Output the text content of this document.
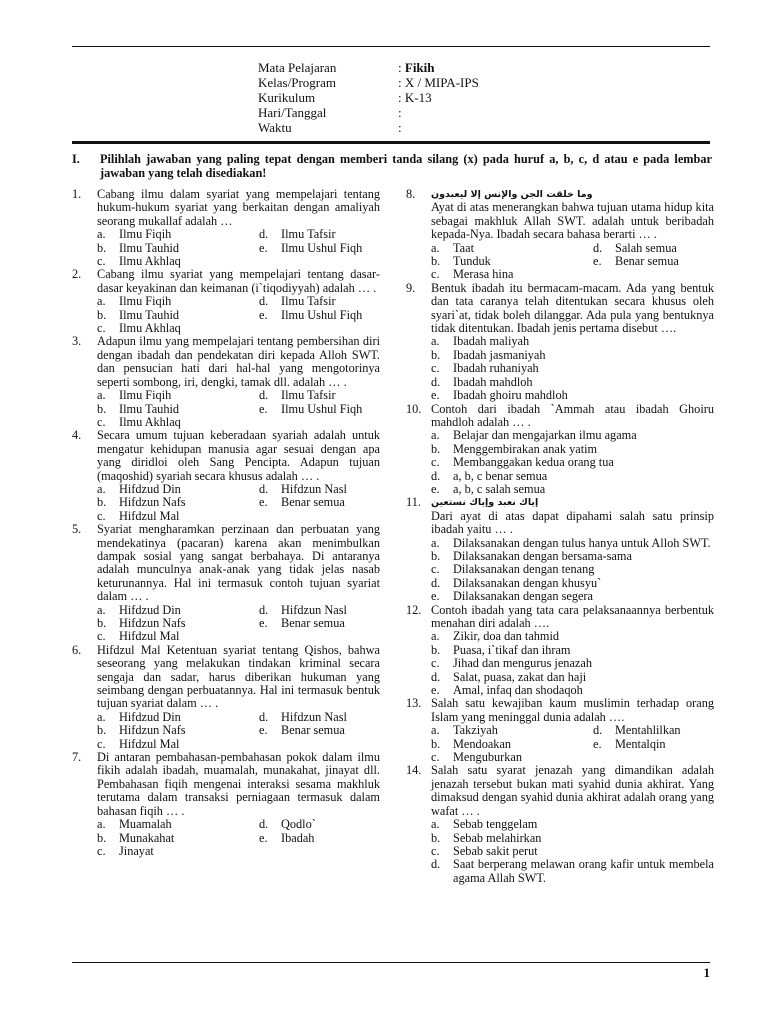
Mata Pelajaran	: Fikih
Kelas/Program	: X / MIPA-IPS
Kurikulum	: K-13
Hari/Tanggal	:
Waktu	:
I.	Pilihlah jawaban yang paling tepat dengan memberi tanda silang (x) pada huruf a, b, c, d atau e pada lembar jawaban yang telah disediakan!
1.	Cabang ilmu dalam syariat yang mempelajari tentang hukum-hukum syariat yang berkaitan dengan amaliyah seorang mukallaf adalah …
a.	Ilmu Fiqih	d.	Ilmu Tafsir
b.	Ilmu Tauhid	e.	Ilmu Ushul Fiqh
c.	Ilmu Akhlaq
2.	Cabang ilmu syariat yang mempelajari tentang dasar-dasar keyakinan dan keimanan (i`tiqodiyyah) adalah … .
a.	Ilmu Fiqih	d.	Ilmu Tafsir
b.	Ilmu Tauhid	e.	Ilmu Ushul Fiqh
c.	Ilmu Akhlaq
3.	Adapun ilmu yang mempelajari tentang pembersihan diri dengan ibadah dan pendekatan diri kepada Alloh SWT. dan pensucian hati dari hal-hal yang mengotorinya seperti sombong, iri, dengki, tamak dll. adalah … .
a.	Ilmu Fiqih	d.	Ilmu Tafsir
b.	Ilmu Tauhid	e.	Ilmu Ushul Fiqh
c.	Ilmu Akhlaq
4.	Secara umum tujuan keberadaan syariah adalah untuk mengatur kehidupan manusia agar sesuai dengan apa yang diridloi oleh Sang Pencipta. Adapun tujuan (maqoshid) syariah secara khusus adalah … .
a.	Hifdzud Din	d.	Hifdzun Nasl
b.	Hifdzun Nafs	e.	Benar semua
c.	Hifdzul Mal
5.	Syariat mengharamkan perzinaan dan perbuatan yang mendekatinya (pacaran) karena akan menimbulkan dampak sosial yang sangat berbahaya. Di antaranya adalah munculnya anak-anak yang tidak jelas nasab keturunannya. Hal ini termasuk contoh tujuan syariat dalam … .
a.	Hifdzud Din	d.	Hifdzun Nasl
b.	Hifdzun Nafs	e.	Benar semua
c.	Hifdzul Mal
6.	Hifdzul Mal Ketentuan syariat tentang Qishos, bahwa seseorang yang melakukan tindakan kriminal secara sengaja dan sadar, harus diberikan hukuman yang seimbang dengan perbuatannya. Hal ini termasuk bentuk tujuan syariat dalam … .
a.	Hifdzud Din	d.	Hifdzun Nasl
b.	Hifdzun Nafs	e.	Benar semua
c.	Hifdzul Mal
7.	Di antaran pembahasan-pembahasan pokok dalam ilmu fikih adalah ibadah, muamalah, munakahat, jinayat dll. Pembahasan fiqih mengenai interaksi sesama makhluk terutama dalam transaksi perniagaan termasuk dalam bahasan fiqih … .
a.	Muamalah	d.	Qodlo`
b.	Munakahat	e.	Ibadah
c.	Jinayat
8.	وما خلقت الجن والإنس إلا ليعبدون
Ayat di atas menerangkan bahwa tujuan utama hidup kita sebagai makhluk Allah SWT. adalah untuk beribadah kepada-Nya. Ibadah secara bahasa berarti … .
a.	Taat	d.	Salah semua
b.	Tunduk	e.	Benar semua
c.	Merasa hina
9.	Bentuk ibadah itu bermacam-macam. Ada yang bentuk dan tata caranya telah ditentukan secara khusus oleh syari`at, tidak boleh dilanggar. Ada pula yang bentuknya tidak ditentukan. Ibadah jenis pertama disebut ….
a.	Ibadah maliyah
b.	Ibadah jasmaniyah
c.	Ibadah ruhaniyah
d.	Ibadah mahdloh
e.	Ibadah ghoiru mahdloh
10. Contoh dari ibadah `Ammah atau ibadah Ghoiru mahdloh adalah … .
a.	Belajar dan mengajarkan ilmu agama
b.	Menggembirakan anak yatim
c.	Membanggakan kedua orang tua
d.	a, b, c benar semua
e.	a, b, c salah semua
11.	إياك نعبد وإياك نستعين
Dari ayat di atas dapat dipahami salah satu prinsip ibadah yaitu … .
a.	Dilaksanakan dengan tulus hanya untuk Alloh SWT.
b.	Dilaksanakan dengan bersama-sama
c.	Dilaksanakan dengan tenang
d.	Dilaksanakan dengan khusyu`
e.	Dilaksanakan dengan segera
12. Contoh ibadah yang tata cara pelaksanaannya berbentuk menahan diri adalah ….
a.	Zikir, doa dan tahmid
b.	Puasa, i`tikaf dan ihram
c.	Jihad dan mengurus jenazah
d.	Salat, puasa, zakat dan haji
e.	Amal, infaq dan shodaqoh
13. Salah satu kewajiban kaum muslimin terhadap orang Islam yang meninggal dunia adalah ….
a.	Takziyah	d.	Mentahlilkan
b.	Mendoakan	e.	Mentalqin
c.	Menguburkan
14. Salah satu syarat jenazah yang dimandikan adalah jenazah tersebut bukan mati syahid dunia akhirat. Yang dimaksud dengan syahid dunia akhirat adalah orang yang wafat … .
a.	Sebab tenggelam
b.	Sebab melahirkan
c.	Sebab sakit perut
d.	Saat berperang melawan orang kafir untuk membela agama Allah SWT.
1
